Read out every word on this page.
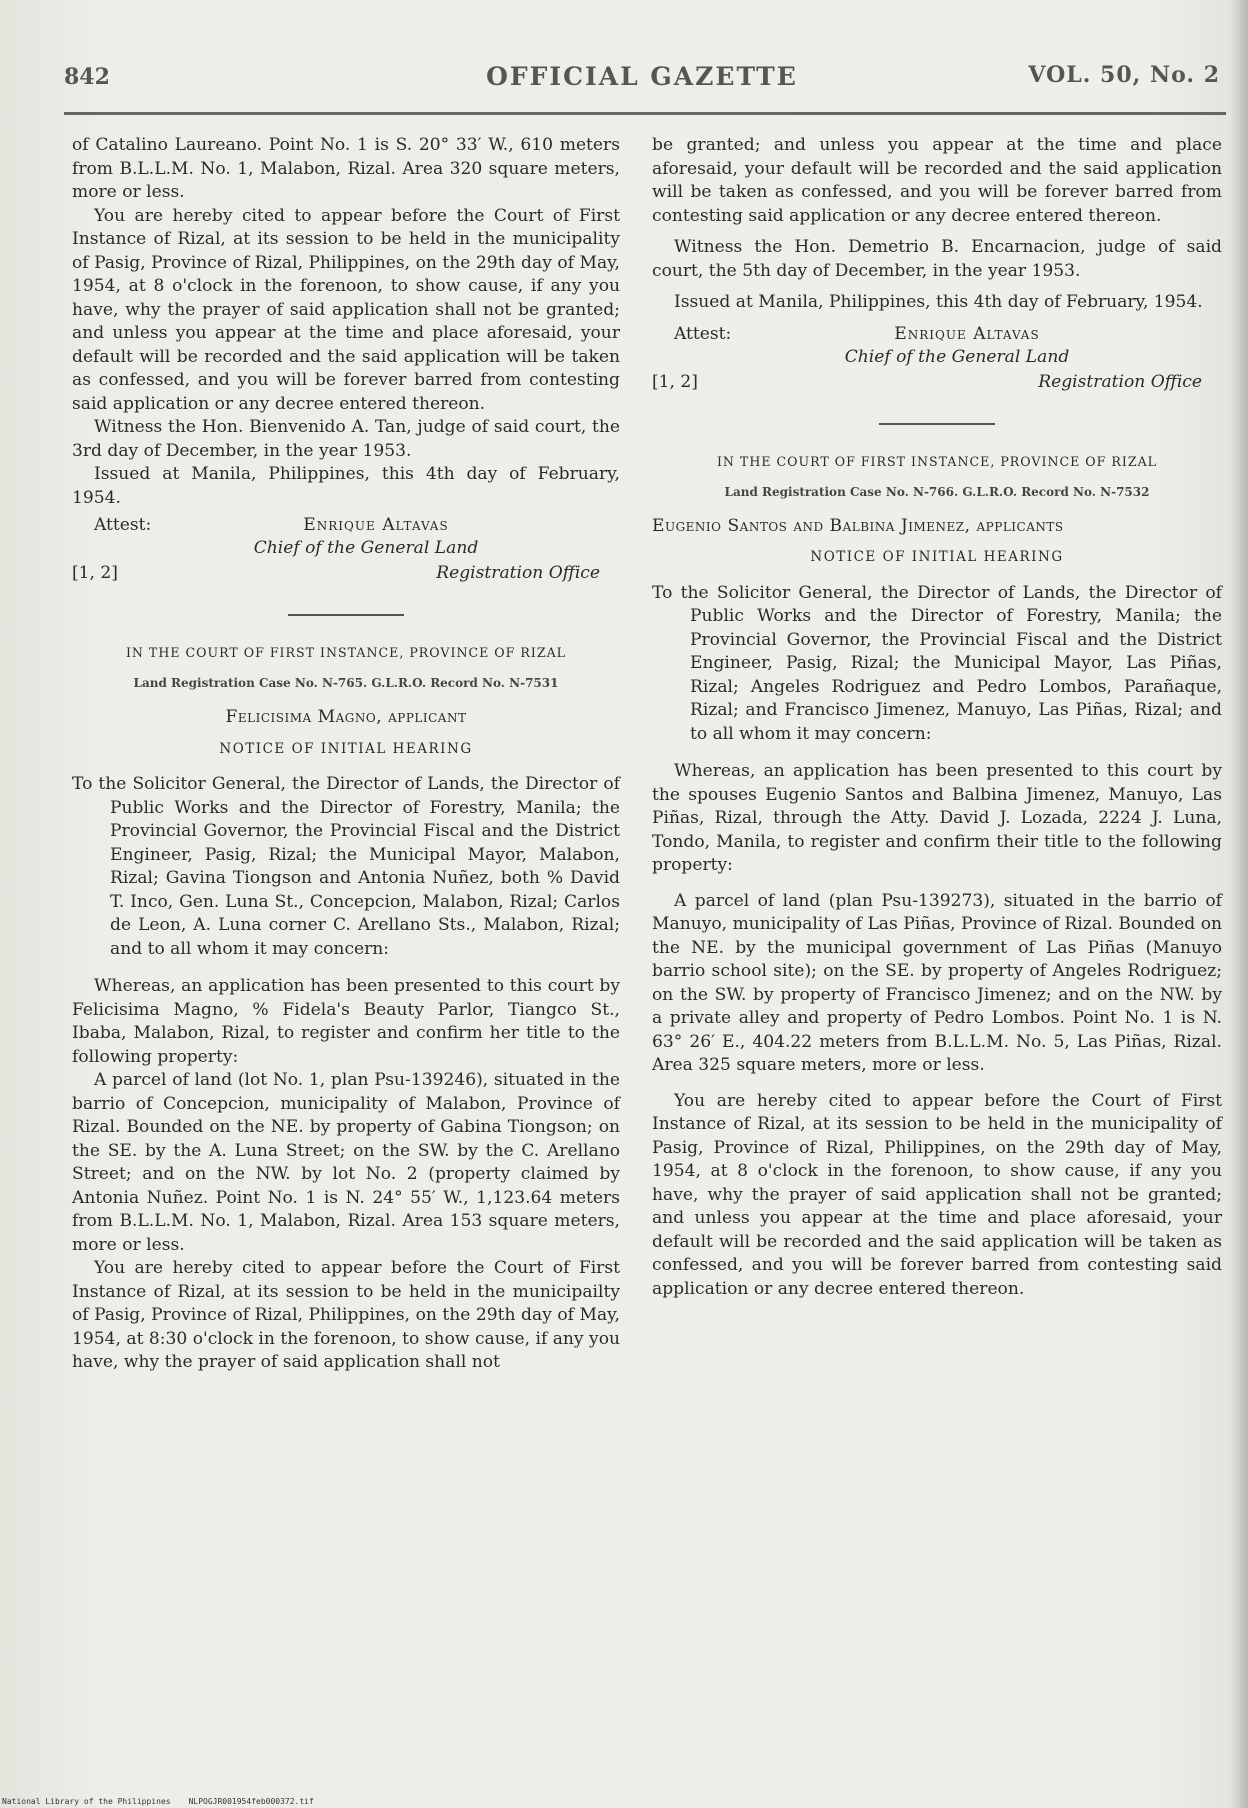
842	OFFICIAL GAZETTE	VOL. 50, No. 2

of Catalino Laureano. Point No. 1 is S. 20° 33′ W., 610 meters from B.L.L.M. No. 1, Malabon, Rizal. Area 320 square meters, more or less.

You are hereby cited to appear before the Court of First Instance of Rizal, at its session to be held in the municipality of Pasig, Province of Rizal, Philippines, on the 29th day of May, 1954, at 8 o'clock in the forenoon, to show cause, if any you have, why the prayer of said application shall not be granted; and unless you appear at the time and place aforesaid, your default will be recorded and the said application will be taken as confessed, and you will be forever barred from contesting said application or any decree entered thereon.

Witness the Hon. Bienvenido A. Tan, judge of said court, the 3rd day of December, in the year 1953.

Issued at Manila, Philippines, this 4th day of February, 1954.

Attest:	Enrique Altavas
Chief of the General Land
[1, 2]	Registration Office
IN THE COURT OF FIRST INSTANCE, PROVINCE OF RIZAL
Land Registration Case No. N-765. G.L.R.O. Record No. N-7531
Felicisima Magno, applicant
NOTICE OF INITIAL HEARING

To the Solicitor General, the Director of Lands, the Director of Public Works and the Director of Forestry, Manila; the Provincial Governor, the Provincial Fiscal and the District Engineer, Pasig, Rizal; the Municipal Mayor, Malabon, Rizal; Gavina Tiongson and Antonia Nuñez, both % David T. Inco, Gen. Luna St., Concepcion, Malabon, Rizal; Carlos de Leon, A. Luna corner C. Arellano Sts., Malabon, Rizal; and to all whom it may concern:

Whereas, an application has been presented to this court by Felicisima Magno, % Fidela's Beauty Parlor, Tiangco St., Ibaba, Malabon, Rizal, to register and confirm her title to the following property:

A parcel of land (lot No. 1, plan Psu-139246), situated in the barrio of Concepcion, municipality of Malabon, Province of Rizal. Bounded on the NE. by property of Gabina Tiongson; on the SE. by the A. Luna Street; on the SW. by the C. Arellano Street; and on the NW. by lot No. 2 (property claimed by Antonia Nuñez. Point No. 1 is N. 24° 55′ W., 1,123.64 meters from B.L.L.M. No. 1, Malabon, Rizal. Area 153 square meters, more or less.

You are hereby cited to appear before the Court of First Instance of Rizal, at its session to be held in the municipailty of Pasig, Province of Rizal, Philippines, on the 29th day of May, 1954, at 8:30 o'clock in the forenoon, to show cause, if any you have, why the prayer of said application shall not

be granted; and unless you appear at the time and place aforesaid, your default will be recorded and the said application will be taken as confessed, and you will be forever barred from contesting said application or any decree entered thereon.

Witness the Hon. Demetrio B. Encarnacion, judge of said court, the 5th day of December, in the year 1953.

Issued at Manila, Philippines, this 4th day of February, 1954.

Attest:	Enrique Altavas
Chief of the General Land
[1, 2]	Registration Office
IN THE COURT OF FIRST INSTANCE, PROVINCE OF RIZAL
Land Registration Case No. N-766. G.L.R.O. Record No. N-7532
Eugenio Santos and Balbina Jimenez, applicants
NOTICE OF INITIAL HEARING

To the Solicitor General, the Director of Lands, the Director of Public Works and the Director of Forestry, Manila; the Provincial Governor, the Provincial Fiscal and the District Engineer, Pasig, Rizal; the Municipal Mayor, Las Piñas, Rizal; Angeles Rodriguez and Pedro Lombos, Parañaque, Rizal; and Francisco Jimenez, Manuyo, Las Piñas, Rizal; and to all whom it may concern:

Whereas, an application has been presented to this court by the spouses Eugenio Santos and Balbina Jimenez, Manuyo, Las Piñas, Rizal, through the Atty. David J. Lozada, 2224 J. Luna, Tondo, Manila, to register and confirm their title to the following property:

A parcel of land (plan Psu-139273), situated in the barrio of Manuyo, municipality of Las Piñas, Province of Rizal. Bounded on the NE. by the municipal government of Las Piñas (Manuyo barrio school site); on the SE. by property of Angeles Rodriguez; on the SW. by property of Francisco Jimenez; and on the NW. by a private alley and property of Pedro Lombos. Point No. 1 is N. 63° 26′ E., 404.22 meters from B.L.L.M. No. 5, Las Piñas, Rizal. Area 325 square meters, more or less.

You are hereby cited to appear before the Court of First Instance of Rizal, at its session to be held in the municipality of Pasig, Province of Rizal, Philippines, on the 29th day of May, 1954, at 8 o'clock in the forenoon, to show cause, if any you have, why the prayer of said application shall not be granted; and unless you appear at the time and place aforesaid, your default will be recorded and the said application will be taken as confessed, and you will be forever barred from contesting said application or any decree entered thereon.

National Library of the Philippines NLPOGJR001954feb000372.tif
